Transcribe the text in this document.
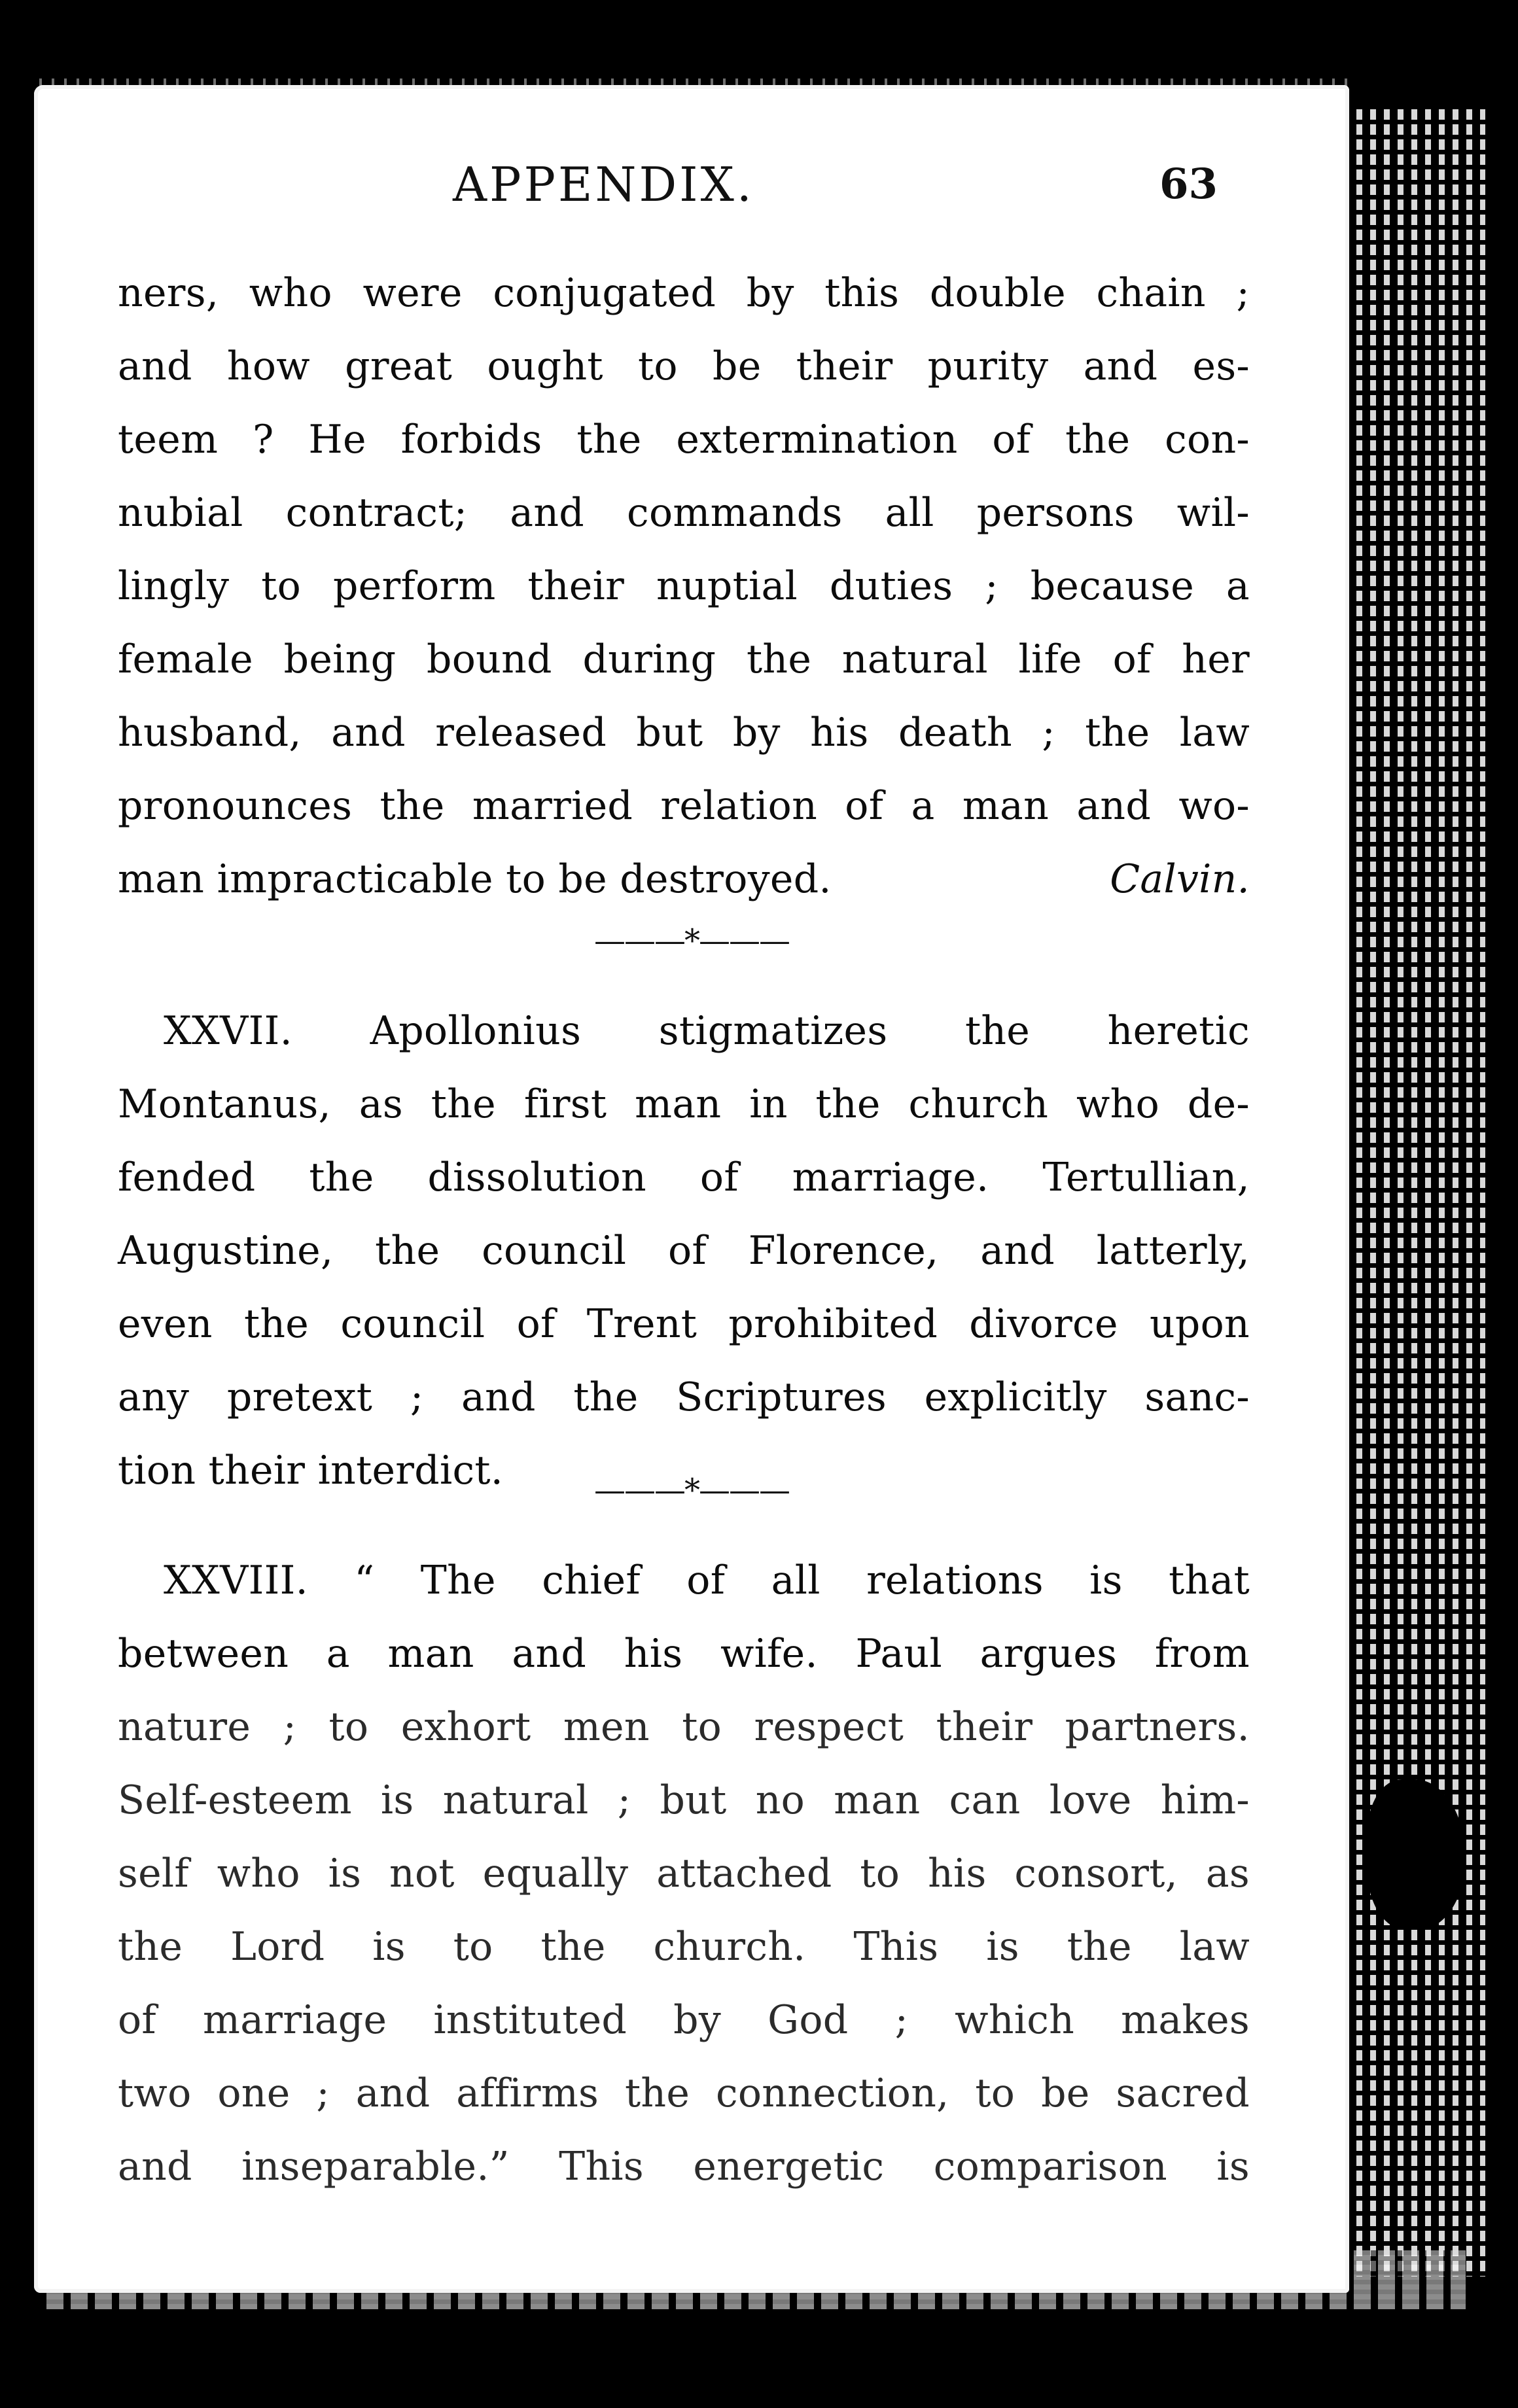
APPENDIX.	63
ners, who were conjugated by this double chain ;
and how great ought to be their purity and es-
teem ? He forbids the extermination of the con-
nubial contract; and commands all persons wil-
lingly to perform their nuptial duties ; because a
female being bound during the natural life of her
husband, and released but by his death ; the law
pronounces the married relation of a man and wo-
man impracticable to be destroyed.	Calvin.
———*———
XXVII. Apollonius stigmatizes the heretic
Montanus, as the first man in the church who de-
fended the dissolution of marriage. Tertullian,
Augustine, the council of Florence, and latterly,
even the council of Trent prohibited divorce upon
any pretext ; and the Scriptures explicitly sanc-
tion their interdict.	———*———
XXVIII. “ The chief of all relations is that
between a man and his wife. Paul argues from
nature ; to exhort men to respect their partners.
Self-esteem is natural ; but no man can love him-
self who is not equally attached to his consort, as
the Lord is to the church. This is the law
of marriage instituted by God ; which makes
two one ; and affirms the connection, to be sacred
and inseparable.” This energetic comparison is
